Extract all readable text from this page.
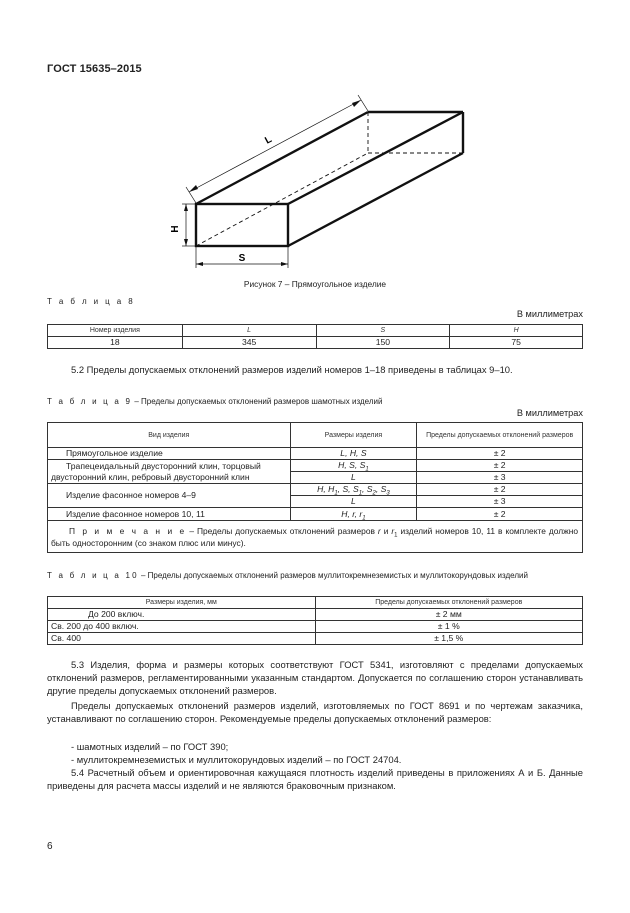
ГОСТ 15635–2015
L
H
S
Рисунок 7 – Прямоугольное изделие
Т а б л и ц а 8
В миллиметрах
Номер изделия	L	S	H
18	345	150	75
5.2 Пределы допускаемых отклонений размеров изделий номеров 1–18 приведены в таблицах 9–10.
Т а б л и ц а 9 – Пределы допускаемых отклонений размеров шамотных изделий
В миллиметрах
Вид изделия	Размеры изделия	Пределы допускаемых отклонений размеров
Прямоугольное изделие	L, H, S	± 2

Трапецеидальный двусторонний клин, торцовый
двусторонний клин, ребровый двусторонний клин	H, S, $S_1$	± 2
	L	± 3
Изделие фасонное номеров 4–9	H, $H_1$, S, $S_1$, $S_2$, $S_3$	± 2
	L	± 3
Изделие фасонное номеров 10, 11	H, r, $r_1$	± 2
П р и м е ч а н и е – Пределы допускаемых отклонений размеров r и $r_1$ изделий номеров 10, 11 в комплекте должно быть односторонним (со знаком плюс или минус).		
Т а б л и ц а 10 – Пределы допускаемых отклонений размеров муллитокремнеземистых и муллитокорундовых изделий
Размеры изделия, мм	Пределы допускаемых отклонений размеров
До 200 включ.	± 2 мм
Св. 200 до 400 включ.	± 1 %
Св. 400	± 1,5 %
5.3 Изделия, форма и размеры которых соответствуют ГОСТ 5341, изготовляют с пределами допускаемых отклонений размеров, регламентированными указанным стандартом. Допускается по соглашению сторон устанавливать другие пределы допускаемых отклонений размеров.
Пределы допускаемых отклонений размеров изделий, изготовляемых по ГОСТ 8691 и по чертежам заказчика, устанавливают по соглашению сторон. Рекомендуемые пределы допускаемых отклонений размеров:
- шамотных изделий – по ГОСТ 390;
- муллитокремнеземистых и муллитокорундовых изделий – по ГОСТ 24704.
5.4 Расчетный объем и ориентировочная кажущаяся плотность изделий приведены в приложениях А и Б. Данные приведены для расчета массы изделий и не являются браковочным признаком.
6
